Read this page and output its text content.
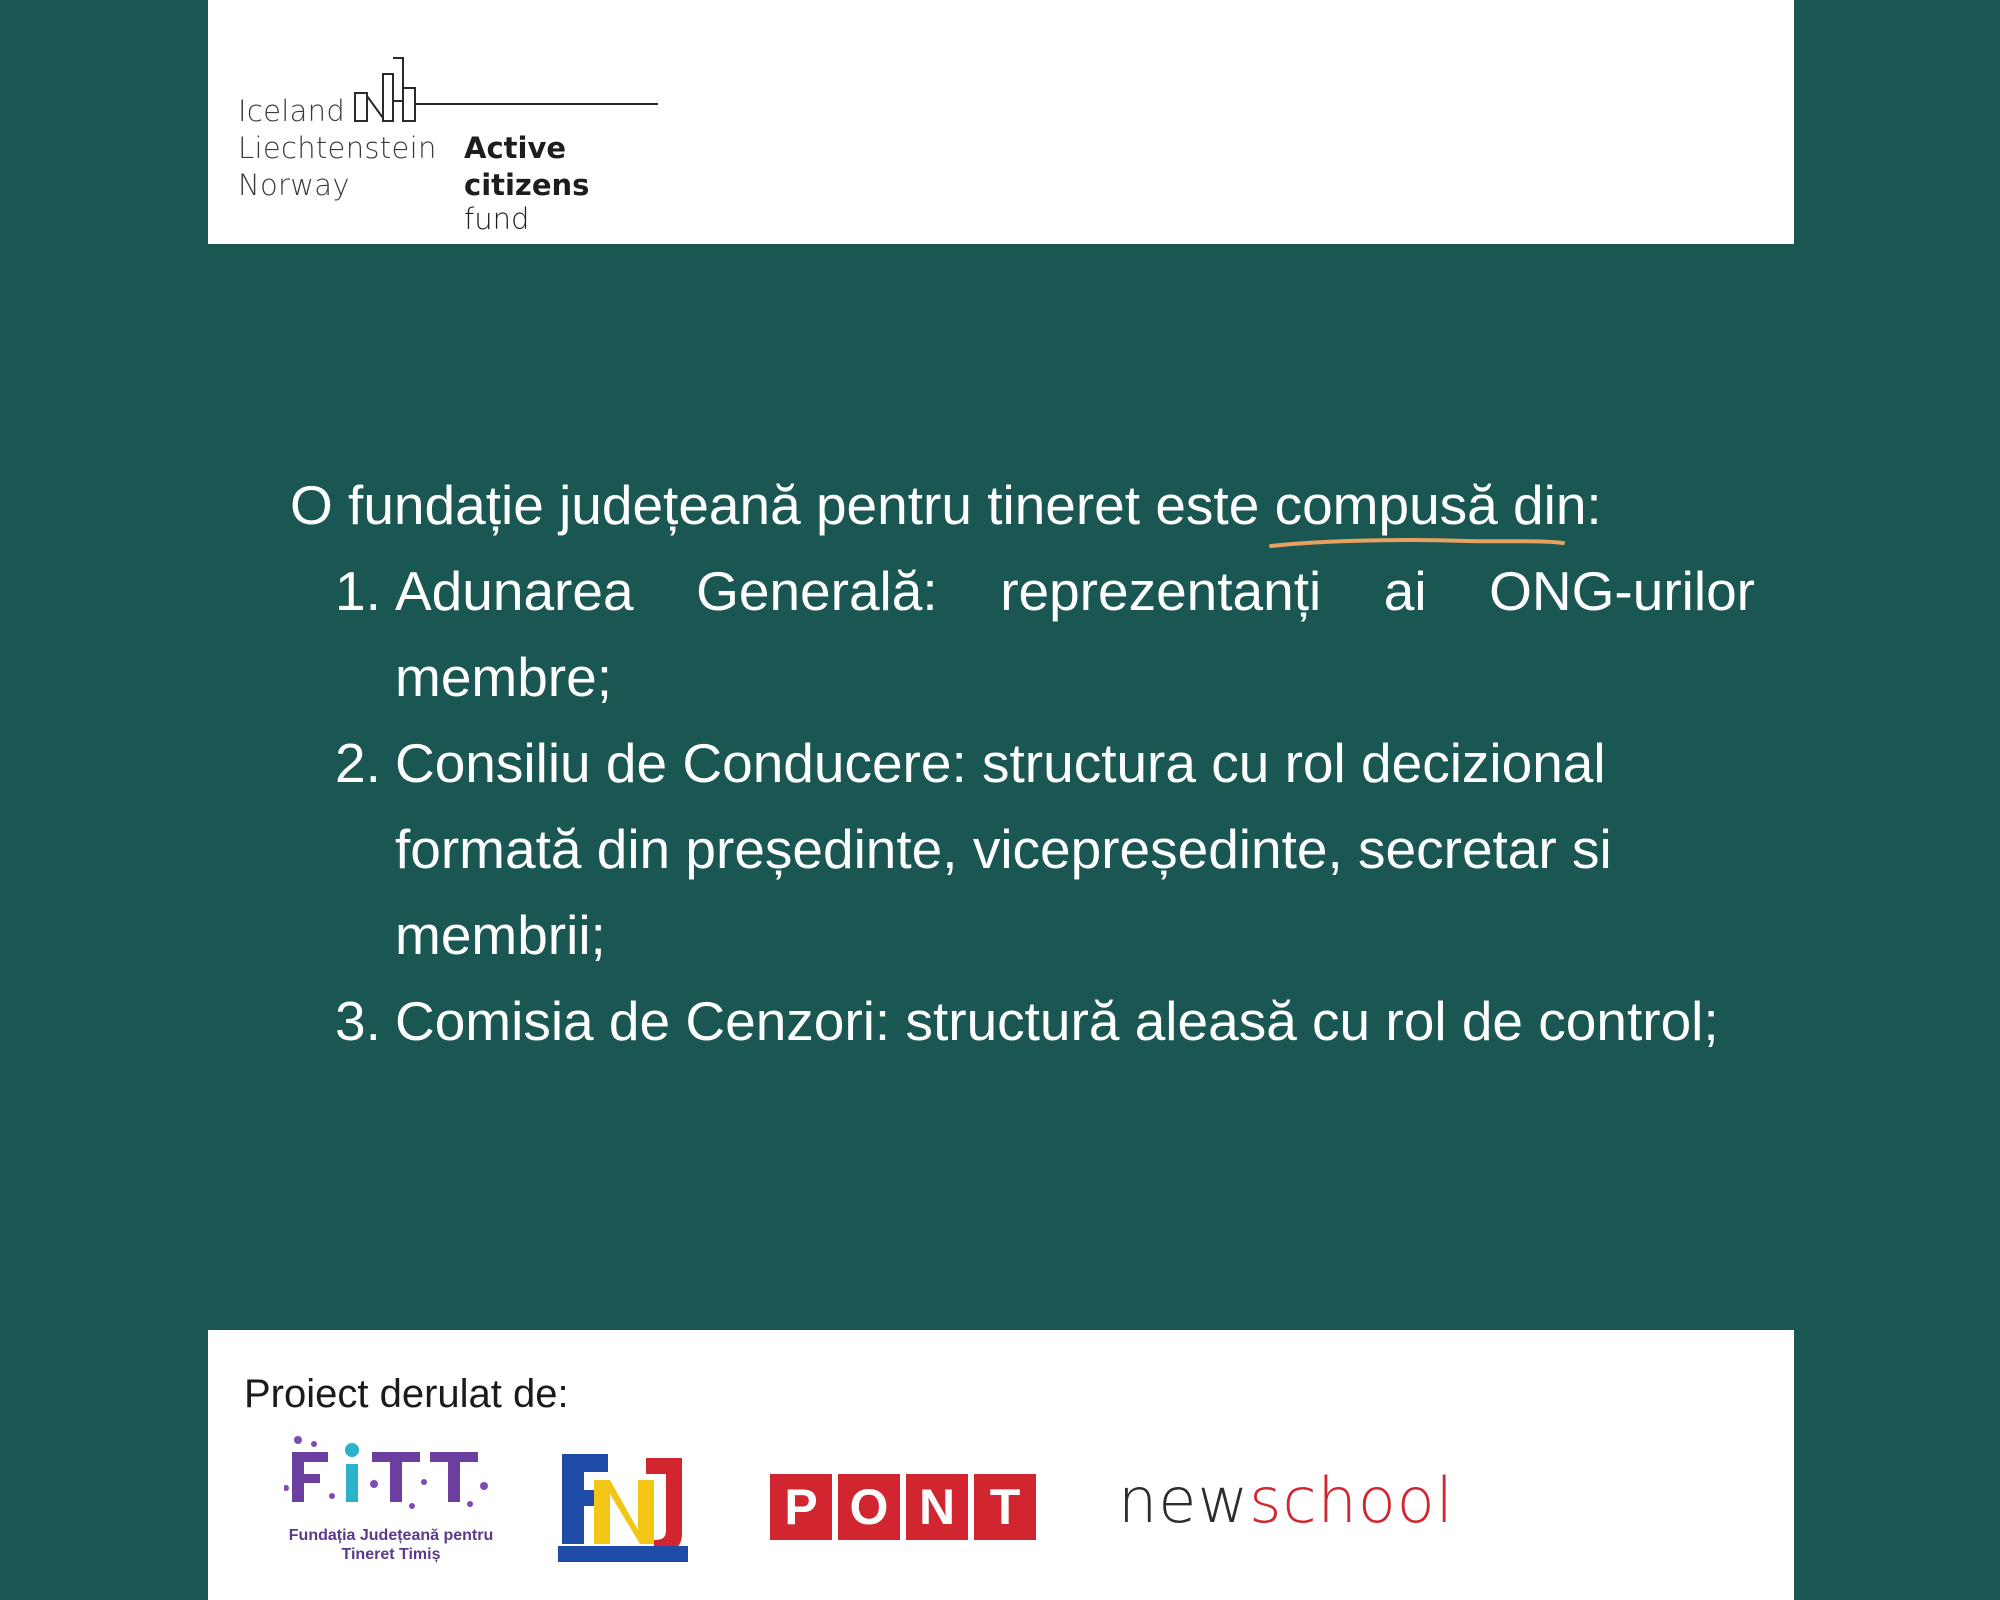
Iceland
Liechtenstein
Norway
Active
citizens fund
O fundație județeană pentru tineret este compusă
din:
1. Adunarea Generală: reprezentanți ai ONG-urilor membre;
2. Consiliu de Conducere: structura cu rol decizional formată din președinte, vicepreședinte, secretar si membrii;
3. Comisia de Cenzori: structură aleasă cu rol de control;
Proiect derulat de:
Fundația Județeană pentru
Tineret Timiș
P O N T newschool
